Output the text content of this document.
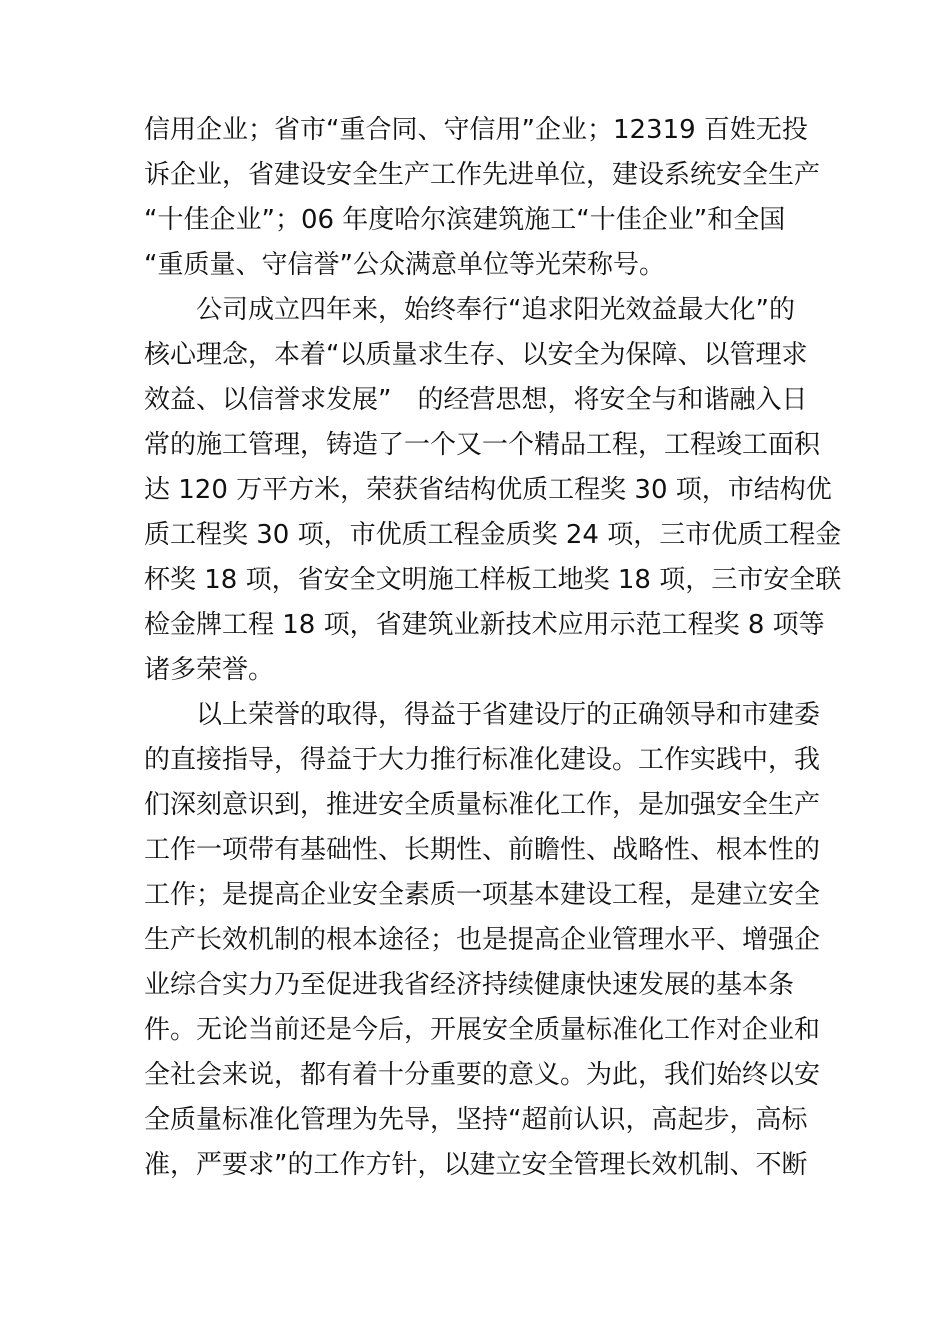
信用企业；省市“重合同、守信用”企业；12319 百姓无投
诉企业，省建设安全生产工作先进单位，建设系统安全生产
“十佳企业”；06 年度哈尔滨建筑施工“十佳企业”和全国
“重质量、守信誉”公众满意单位等光荣称号。
　　公司成立四年来，始终奉行“追求阳光效益最大化”的
核心理念，本着“以质量求生存、以安全为保障、以管理求
效益、以信誉求发展”　的经营思想，将安全与和谐融入日
常的施工管理，铸造了一个又一个精品工程，工程竣工面积
达 120 万平方米，荣获省结构优质工程奖 30 项，市结构优
质工程奖 30 项，市优质工程金质奖 24 项，三市优质工程金
杯奖 18 项，省安全文明施工样板工地奖 18 项，三市安全联
检金牌工程 18 项，省建筑业新技术应用示范工程奖 8 项等
诸多荣誉。
　　以上荣誉的取得，得益于省建设厅的正确领导和市建委
的直接指导，得益于大力推行标准化建设。工作实践中，我
们深刻意识到，推进安全质量标准化工作，是加强安全生产
工作一项带有基础性、长期性、前瞻性、战略性、根本性的
工作；是提高企业安全素质一项基本建设工程，是建立安全
生产长效机制的根本途径；也是提高企业管理水平、增强企
业综合实力乃至促进我省经济持续健康快速发展的基本条
件。无论当前还是今后，开展安全质量标准化工作对企业和
全社会来说，都有着十分重要的意义。为此，我们始终以安
全质量标准化管理为先导，坚持“超前认识，高起步，高标
准，严要求”的工作方针，以建立安全管理长效机制、不断
